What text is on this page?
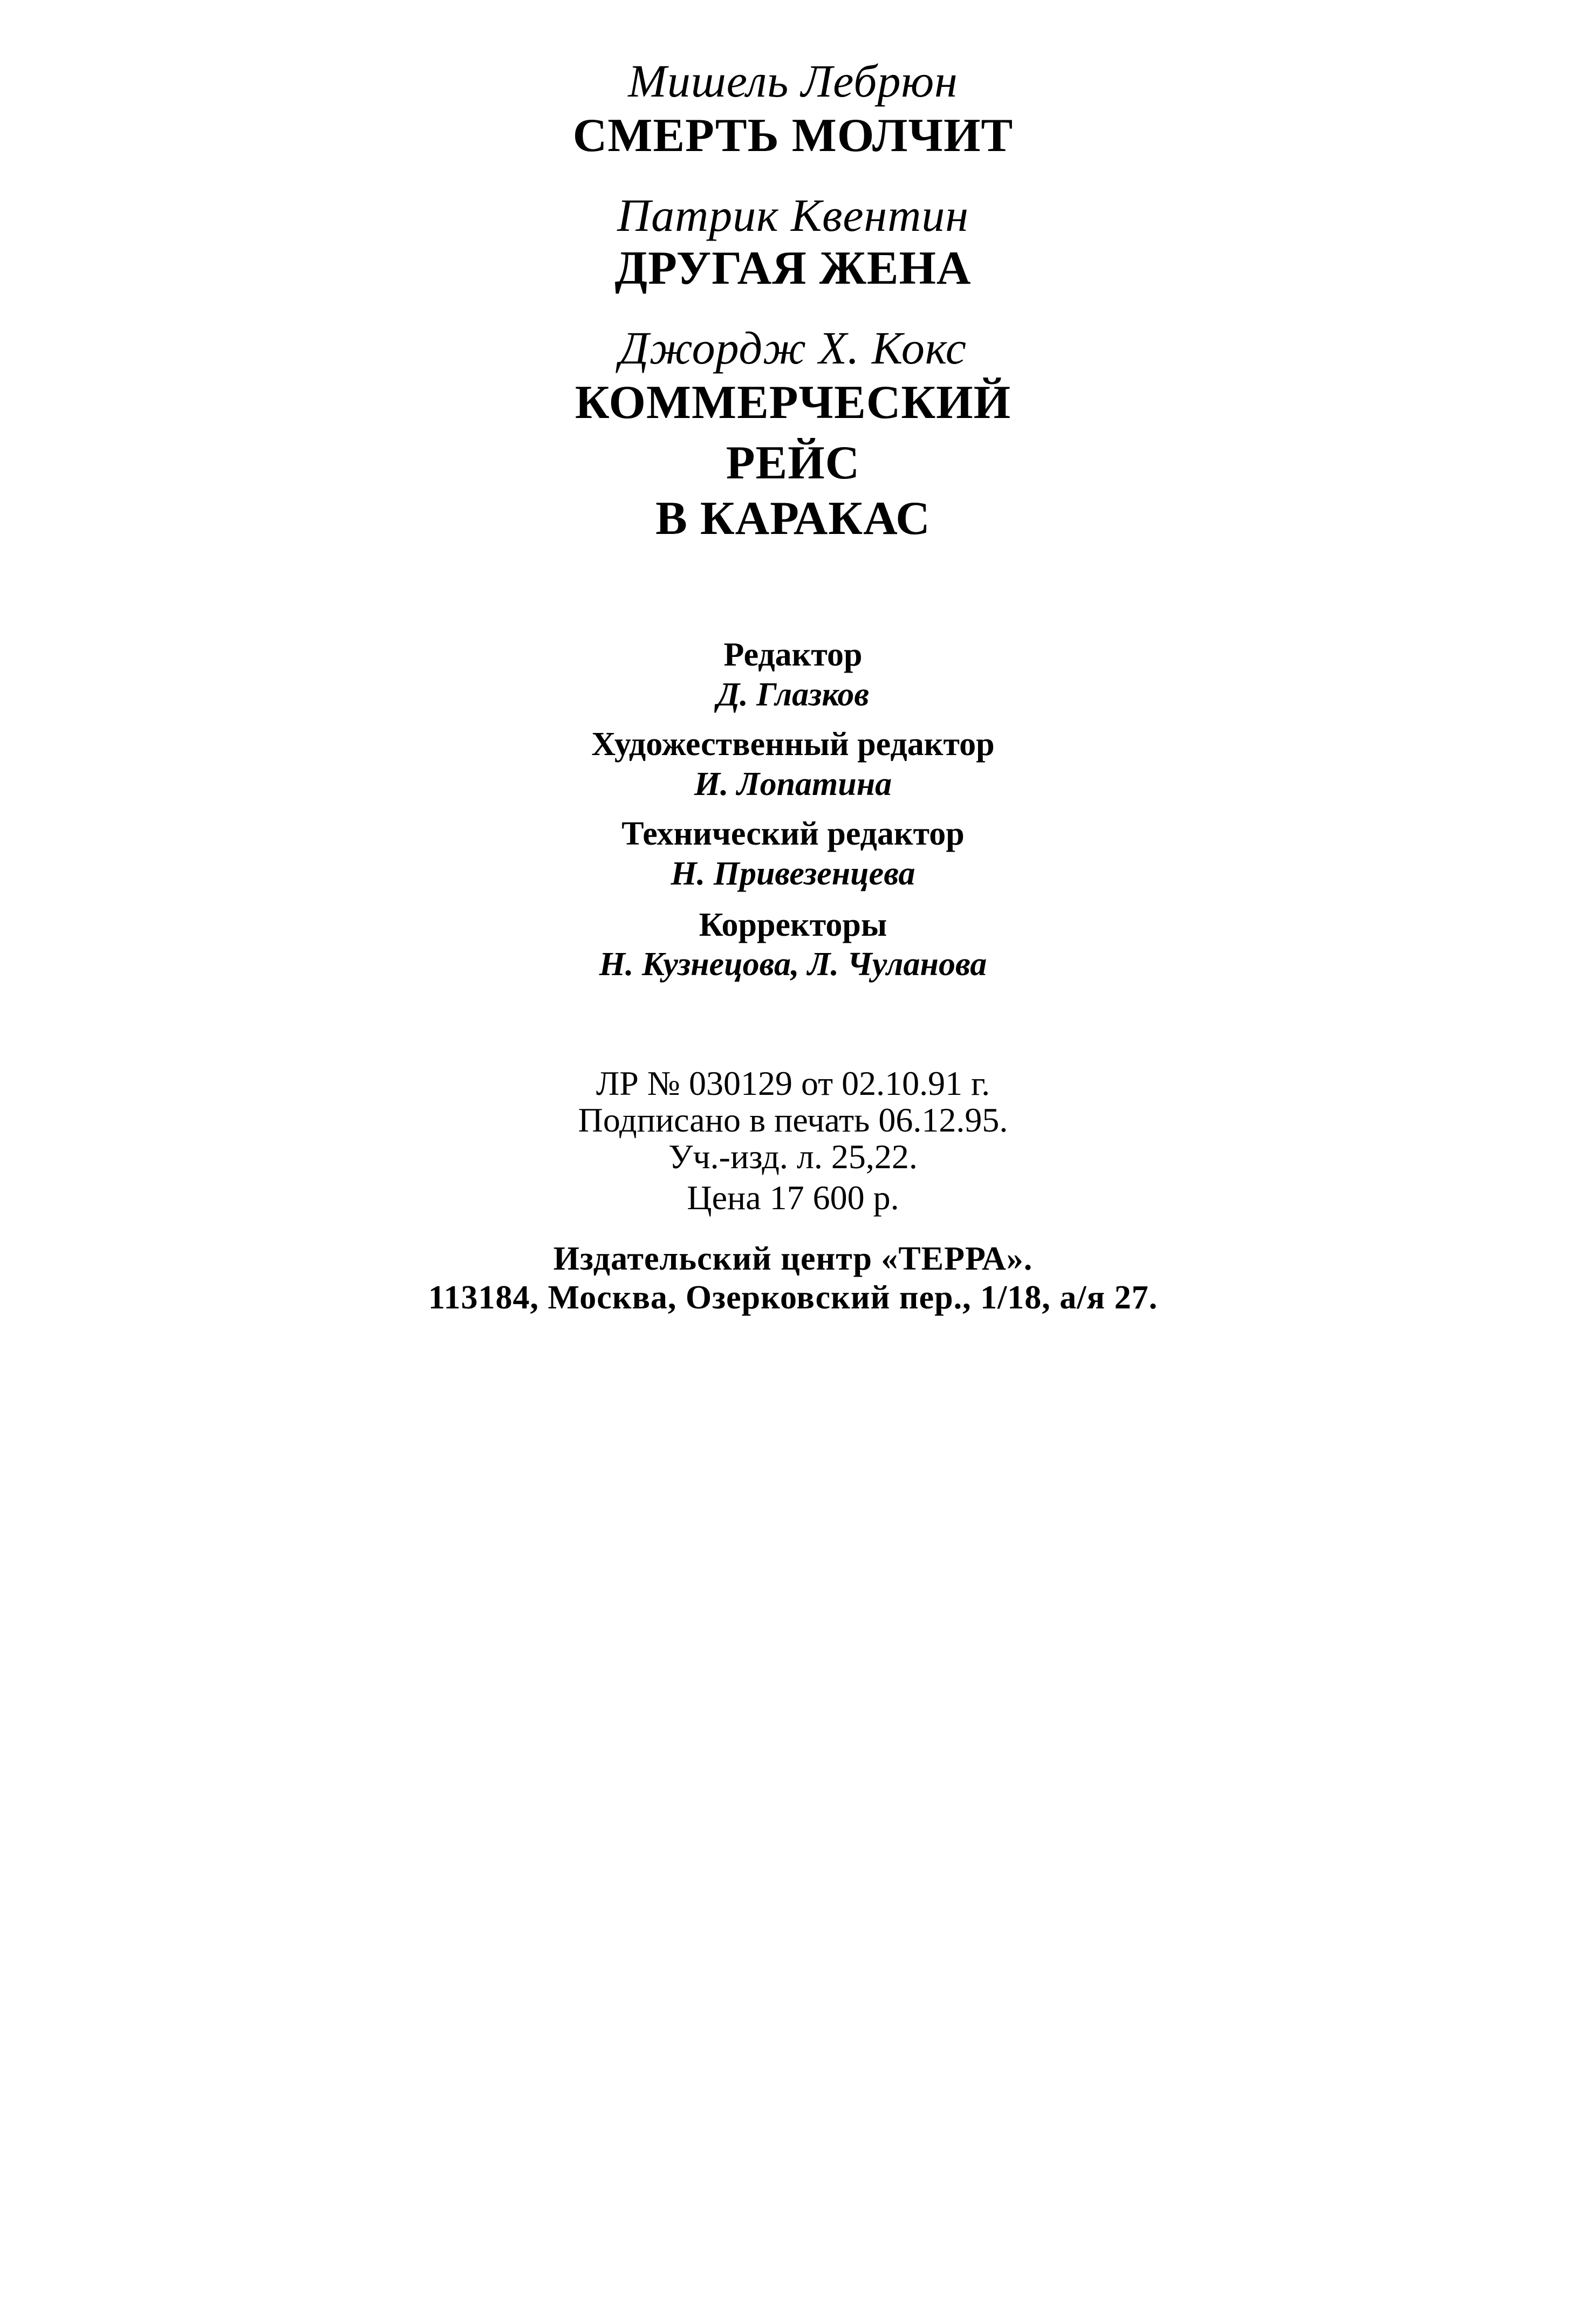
Мишель Лебрюн
СМЕРТЬ МОЛЧИТ
Патрик Квентин
ДРУГАЯ ЖЕНА
Джордж Х. Кокс
КОММЕРЧЕСКИЙ
РЕЙС
В КАРАКАС
Редактор
Д. Глазков
Художественный редактор
И. Лопатина
Технический редактор
Н. Привезенцева
Корректоры
Н. Кузнецова, Л. Чуланова
ЛР № 030129 от 02.10.91 г.
Подписано в печать 06.12.95.
Уч.-изд. л. 25,22.
Цена 17 600 р.
Издательский центр «ТЕРРА».
113184, Москва, Озерковский пер., 1/18, а/я 27.
